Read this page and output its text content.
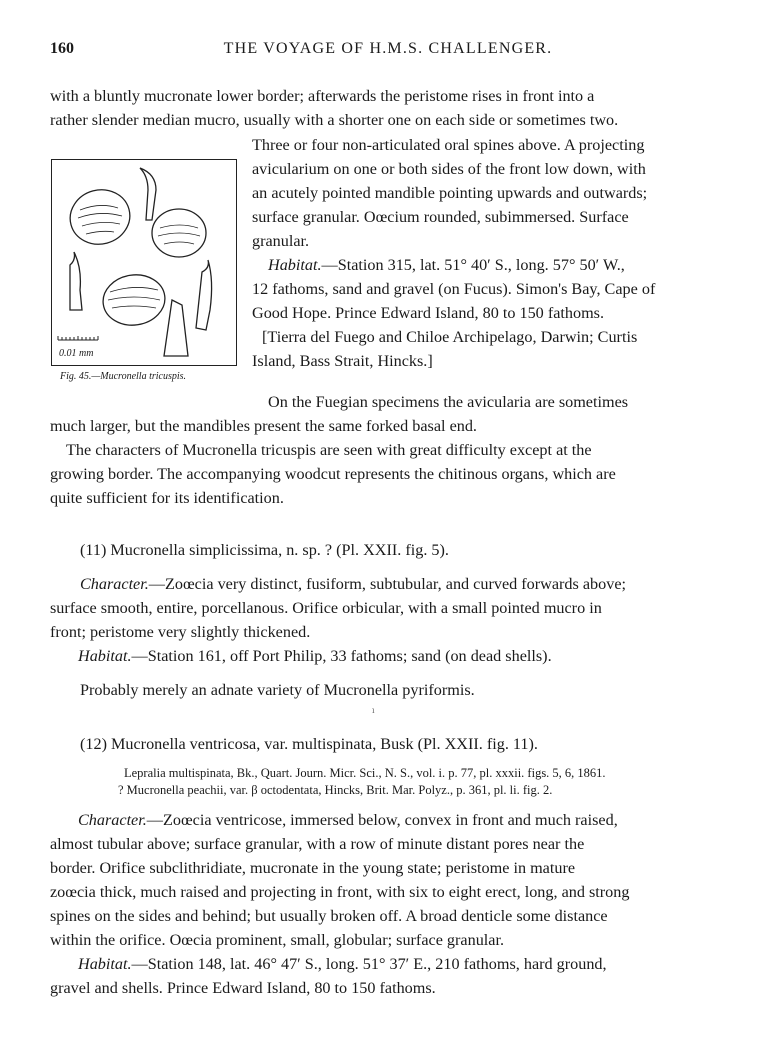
160	THE VOYAGE OF H.M.S. CHALLENGER.
with a bluntly mucronate lower border; afterwards the peristome rises in front into a
rather slender median mucro, usually with a shorter one on each side or sometimes two.
0.01 mm
Fig. 45.—Mucronella tricuspis.
Three or four non-articulated oral spines above. A projecting
avicularium on one or both sides of the front low down, with
an acutely pointed mandible pointing upwards and outwards;
surface granular. Oœcium rounded, subimmersed. Surface
granular.
Habitat.—Station 315, lat. 51° 40′ S., long. 57° 50′ W.,
12 fathoms, sand and gravel (on Fucus). Simon's Bay, Cape of
Good Hope. Prince Edward Island, 80 to 150 fathoms.
[Tierra del Fuego and Chiloe Archipelago, Darwin; Curtis
Island, Bass Strait, Hincks.]
On the Fuegian specimens the avicularia are sometimes
much larger, but the mandibles present the same forked basal end.
The characters of Mucronella tricuspis are seen with great difficulty except at the
growing border. The accompanying woodcut represents the chitinous organs, which are
quite sufficient for its identification.
(11) Mucronella simplicissima, n. sp. ? (Pl. XXII. fig. 5).
Character.—Zoœcia very distinct, fusiform, subtubular, and curved forwards above;
surface smooth, entire, porcellanous. Orifice orbicular, with a small pointed mucro in
front; peristome very slightly thickened.
Habitat.—Station 161, off Port Philip, 33 fathoms; sand (on dead shells).
Probably merely an adnate variety of Mucronella pyriformis.
ı
(12) Mucronella ventricosa, var. multispinata, Busk (Pl. XXII. fig. 11).
Lepralia multispinata, Bk., Quart. Journ. Micr. Sci., N. S., vol. i. p. 77, pl. xxxii. figs. 5, 6, 1861.
? Mucronella peachii, var. β octodentata, Hincks, Brit. Mar. Polyz., p. 361, pl. li. fig. 2.
Character.—Zoœcia ventricose, immersed below, convex in front and much raised,
almost tubular above; surface granular, with a row of minute distant pores near the
border. Orifice subclithridiate, mucronate in the young state; peristome in mature
zoœcia thick, much raised and projecting in front, with six to eight erect, long, and strong
spines on the sides and behind; but usually broken off. A broad denticle some distance
within the orifice. Oœcia prominent, small, globular; surface granular.
Habitat.—Station 148, lat. 46° 47′ S., long. 51° 37′ E., 210 fathoms, hard ground,
gravel and shells. Prince Edward Island, 80 to 150 fathoms.
